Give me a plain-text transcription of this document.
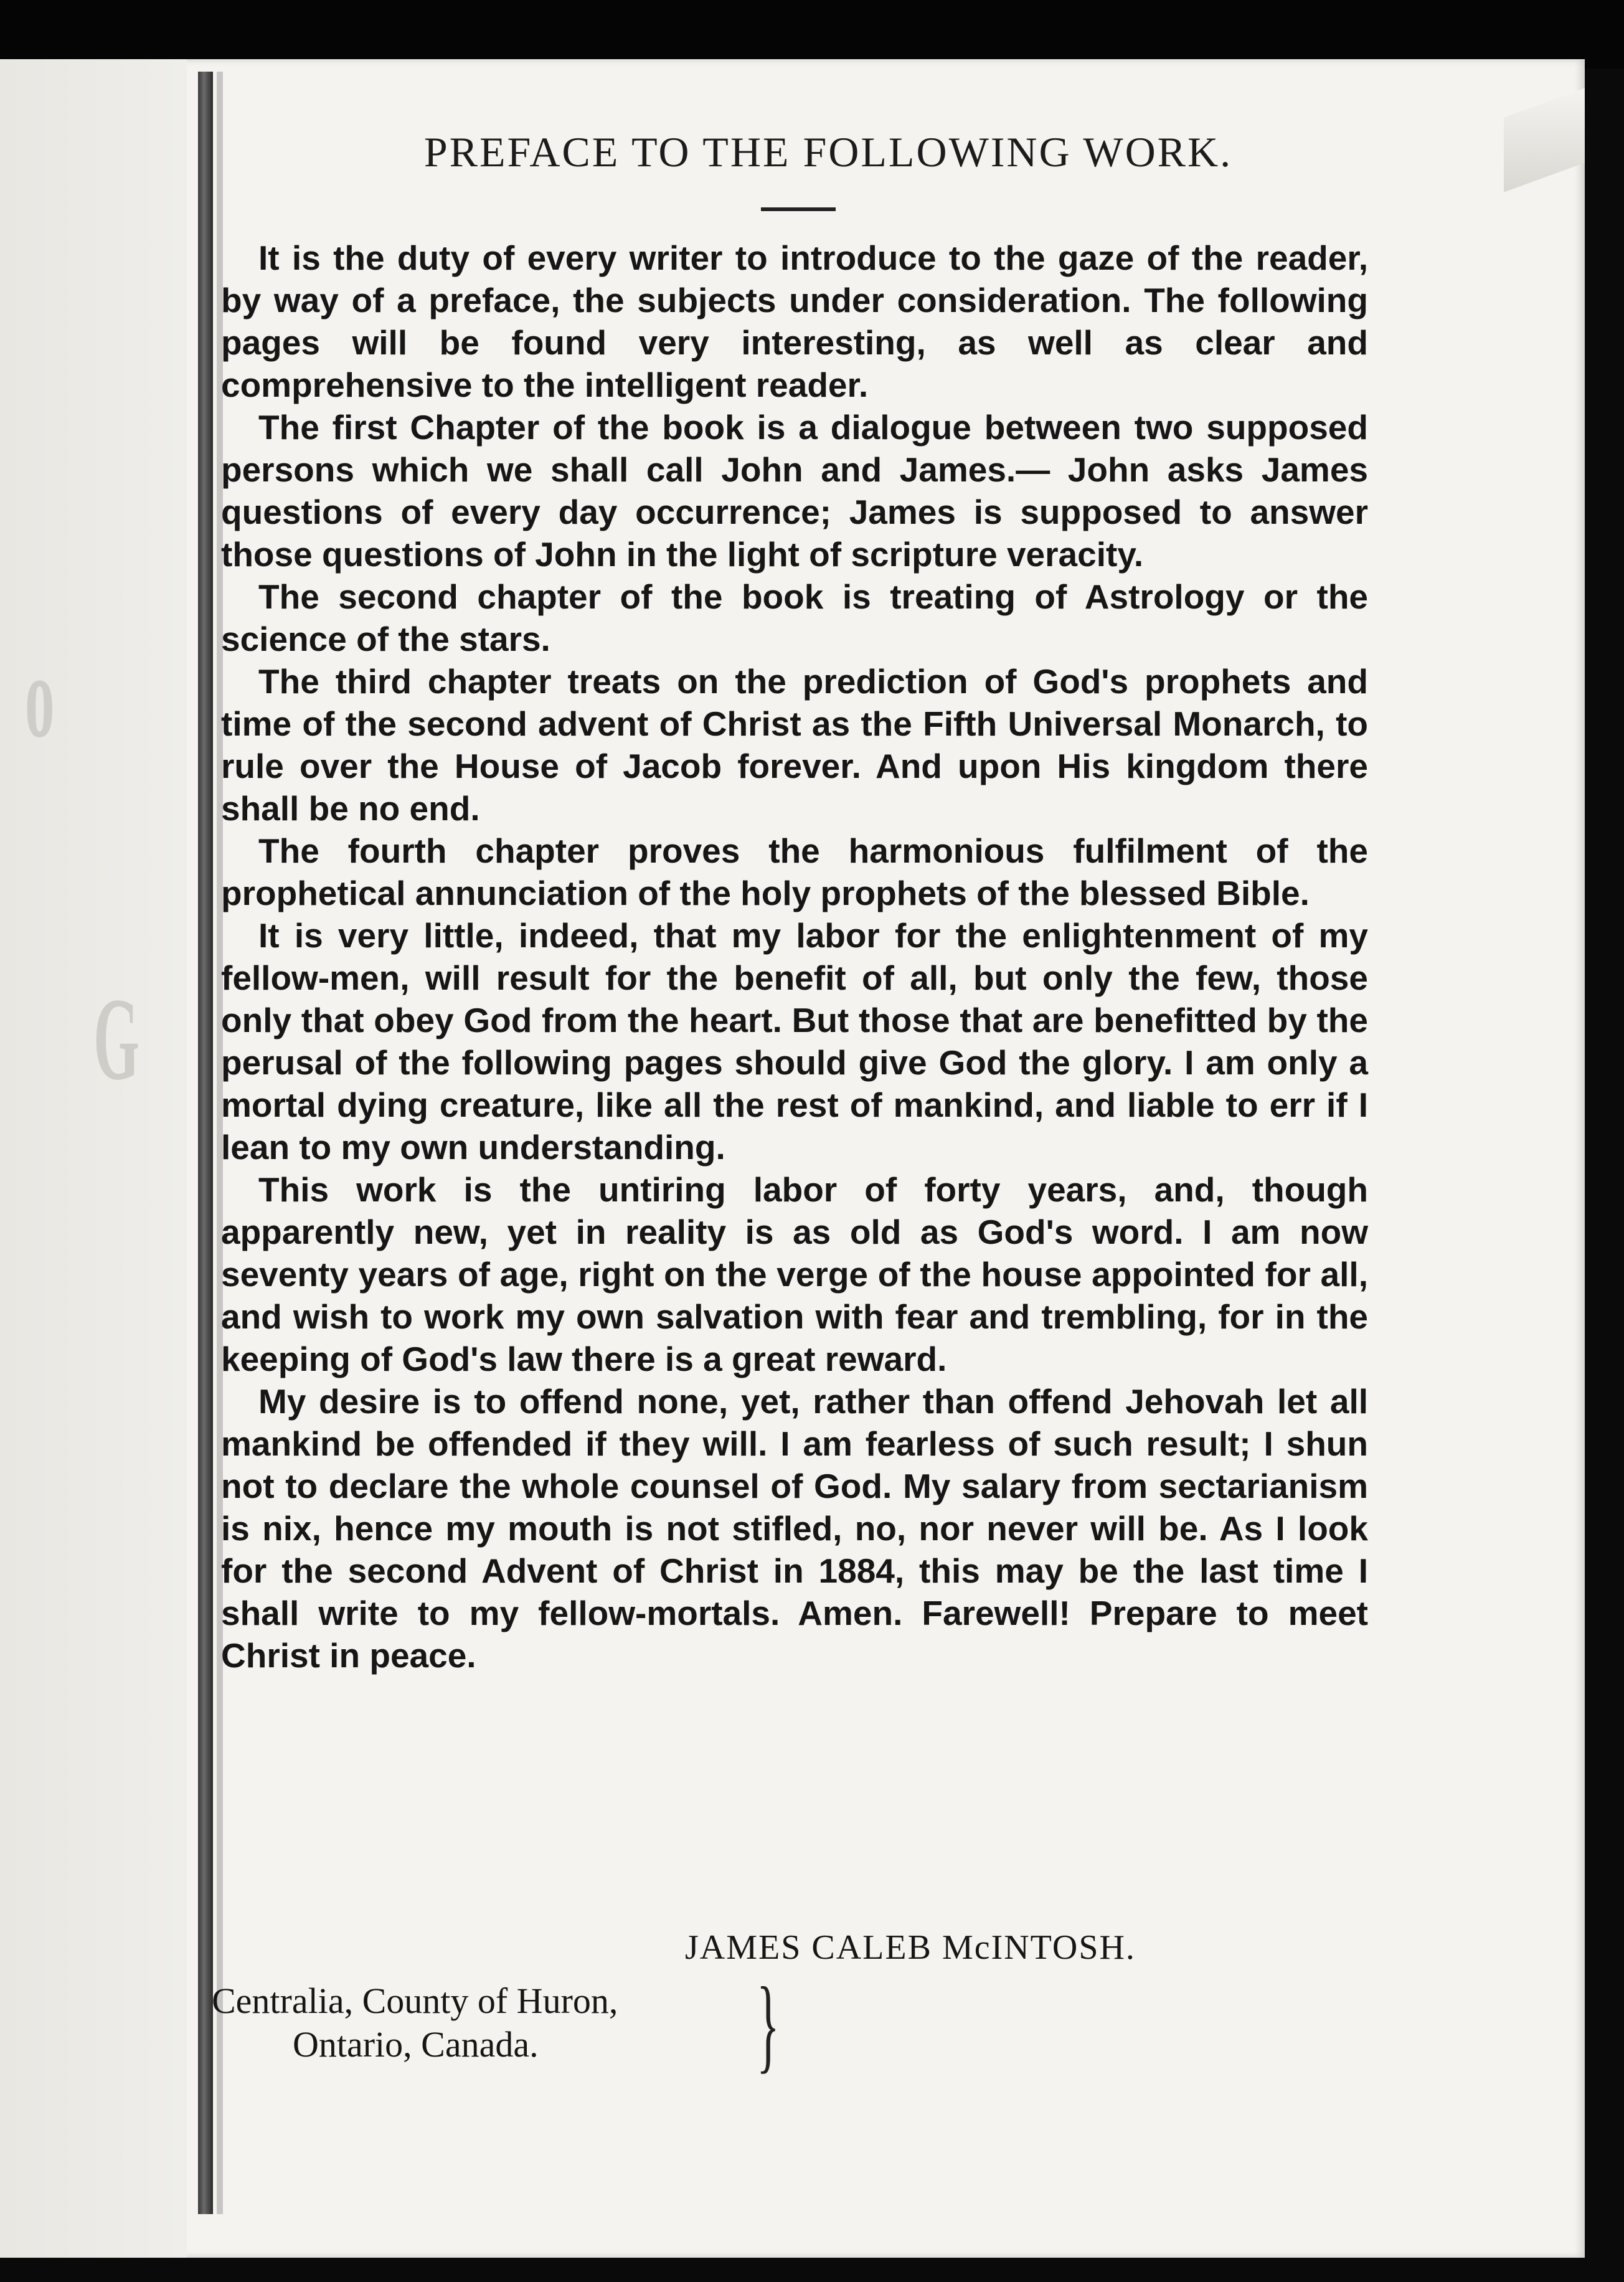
o
G
PREFACE TO THE FOLLOWING WORK.

It is the duty of every writer to introduce to the gaze of the reader, by way of a preface, the subjects under consideration. The following pages will be found very interesting, as well as clear and comprehensive to the intelligent reader.

The first Chapter of the book is a dialogue between two supposed persons which we shall call John and James.— John asks James questions of every day occurrence; James is supposed to answer those questions of John in the light of scripture veracity.

The second chapter of the book is treating of Astrology or the science of the stars.

The third chapter treats on the prediction of God's prophets and time of the second advent of Christ as the Fifth Universal Monarch, to rule over the House of Jacob forever. And upon His kingdom there shall be no end.

The fourth chapter proves the harmonious fulfilment of the prophetical annunciation of the holy prophets of the blessed Bible.

It is very little, indeed, that my labor for the enlightenment of my fellow-men, will result for the benefit of all, but only the few, those only that obey God from the heart. But those that are benefitted by the perusal of the following pages should give God the glory. I am only a mortal dying creature, like all the rest of mankind, and liable to err if I lean to my own understanding.

This work is the untiring labor of forty years, and, though apparently new, yet in reality is as old as God's word. I am now seventy years of age, right on the verge of the house appointed for all, and wish to work my own salvation with fear and trembling, for in the keeping of God's law there is a great reward.

My desire is to offend none, yet, rather than offend Jehovah let all mankind be offended if they will. I am fearless of such result; I shun not to declare the whole counsel of God. My salary from sectarianism is nix, hence my mouth is not stifled, no, nor never will be. As I look for the second Advent of Christ in 1884, this may be the last time I shall write to my fellow-mortals. Amen. Farewell! Prepare to meet Christ in peace.

JAMES CALEB McINTOSH.
Centralia, County of Huron,
Ontario, Canada.	}
